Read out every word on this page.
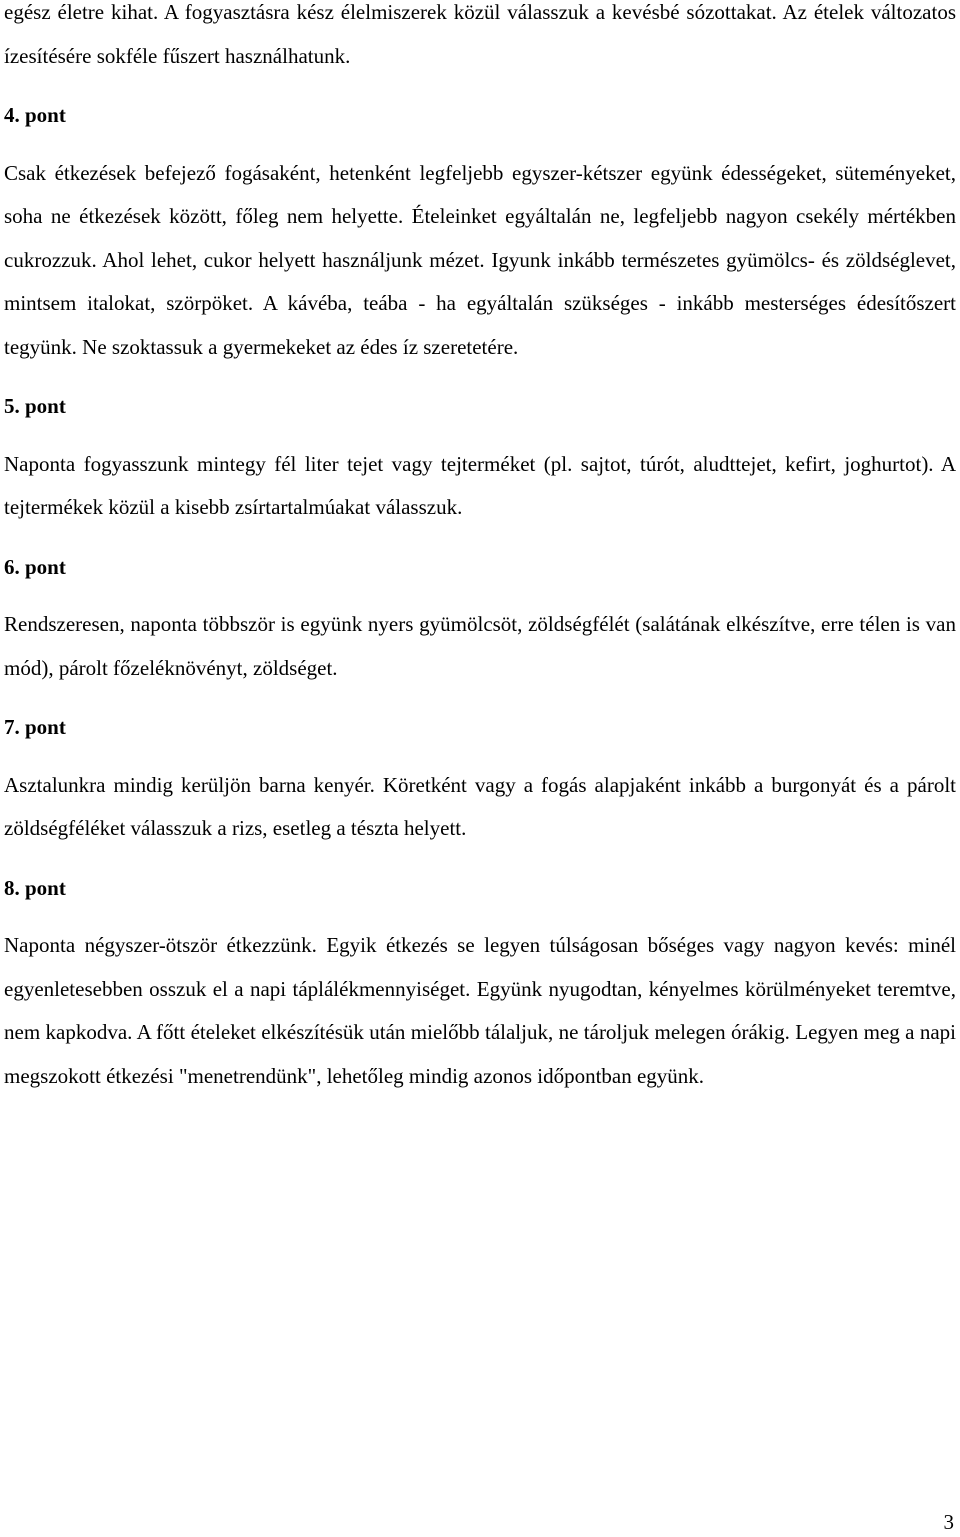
egész életre kihat. A fogyasztásra kész élelmiszerek közül válasszuk a kevésbé sózottakat. Az ételek változatos ízesítésére sokféle fűszert használhatunk.

4. pont

Csak étkezések befejező fogásaként, hetenként legfeljebb egyszer-kétszer együnk édességeket, süteményeket, soha ne étkezések között, főleg nem helyette. Ételeinket egyáltalán ne, legfeljebb nagyon csekély mértékben cukrozzuk. Ahol lehet, cukor helyett használjunk mézet. Igyunk inkább természetes gyümölcs- és zöldséglevet, mintsem italokat, szörpöket. A kávéba, teába - ha egyáltalán szükséges - inkább mesterséges édesítőszert tegyünk. Ne szoktassuk a gyermekeket az édes íz szeretetére.

5. pont

Naponta fogyasszunk mintegy fél liter tejet vagy tejterméket (pl. sajtot, túrót, aludttejet, kefirt, joghurtot). A tejtermékek közül a kisebb zsírtartalmúakat válasszuk.

6. pont

Rendszeresen, naponta többször is együnk nyers gyümölcsöt, zöldségfélét (salátának elkészítve, erre télen is van mód), párolt főzeléknövényt, zöldséget.

7. pont

Asztalunkra mindig kerüljön barna kenyér. Köretként vagy a fogás alapjaként inkább a burgonyát és a párolt zöldségféléket válasszuk a rizs, esetleg a tészta helyett.

8. pont

Naponta négyszer-ötször étkezzünk. Egyik étkezés se legyen túlságosan bőséges vagy nagyon kevés: minél egyenletesebben osszuk el a napi táplálékmennyiséget. Együnk nyugodtan, kényelmes körülményeket teremtve, nem kapkodva. A főtt ételeket elkészítésük után mielőbb tálaljuk, ne tároljuk melegen órákig. Legyen meg a napi megszokott étkezési "menetrendünk", lehetőleg mindig azonos időpontban együnk.

3
